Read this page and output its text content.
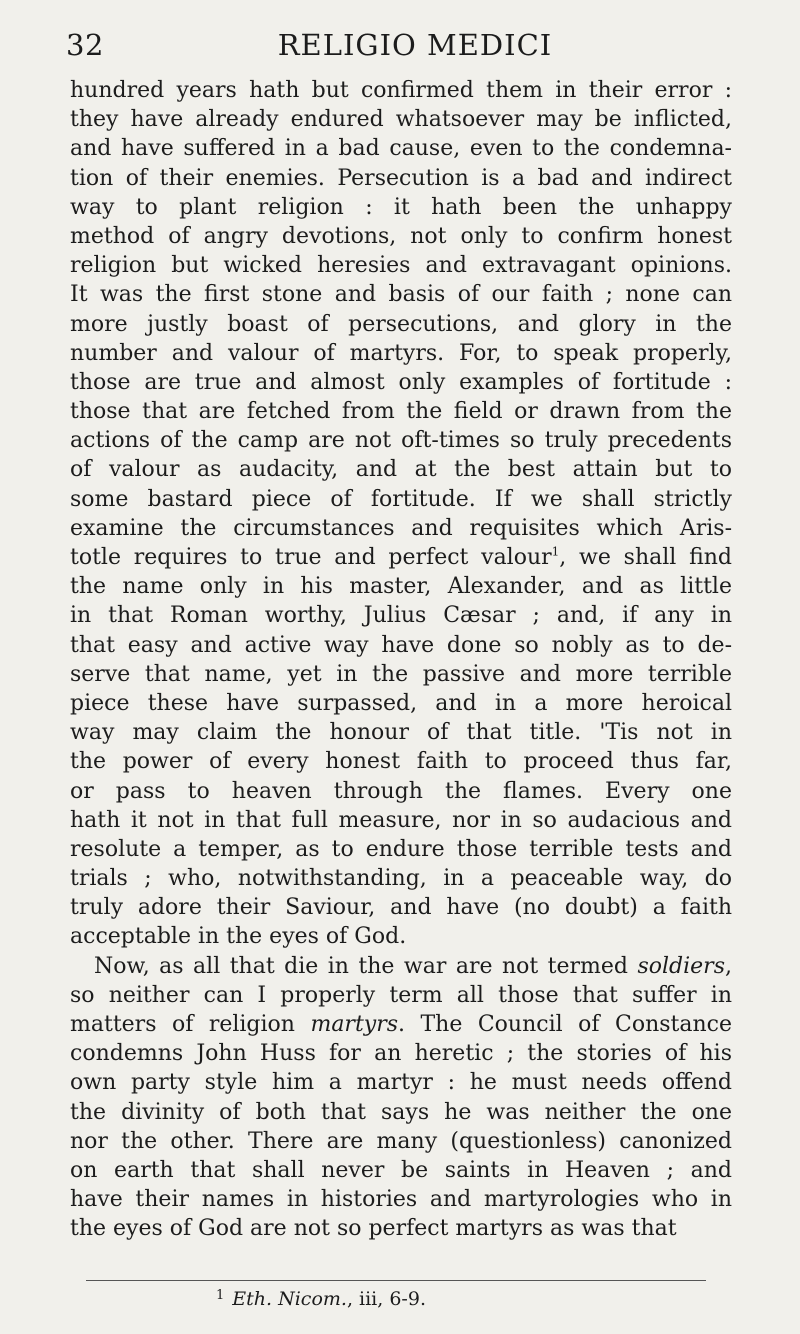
32	RELIGIO MEDICI
hundred years hath but confirmed them in their error :
they have already endured whatsoever may be inflicted,
and have suffered in a bad cause, even to the condemna-
tion of their enemies. Persecution is a bad and indirect
way to plant religion : it hath been the unhappy
method of angry devotions, not only to confirm honest
religion but wicked heresies and extravagant opinions.
It was the first stone and basis of our faith ; none can
more justly boast of persecutions, and glory in the
number and valour of martyrs. For, to speak properly,
those are true and almost only examples of fortitude :
those that are fetched from the field or drawn from the
actions of the camp are not oft-times so truly precedents
of valour as audacity, and at the best attain but to
some bastard piece of fortitude. If we shall strictly
examine the circumstances and requisites which Aris-
totle requires to true and perfect valour$^1$, we shall find
the name only in his master, Alexander, and as little
in that Roman worthy, Julius Cæsar ; and, if any in
that easy and active way have done so nobly as to de-
serve that name, yet in the passive and more terrible
piece these have surpassed, and in a more heroical
way may claim the honour of that title. 'Tis not in
the power of every honest faith to proceed thus far,
or pass to heaven through the flames. Every one
hath it not in that full measure, nor in so audacious and
resolute a temper, as to endure those terrible tests and
trials ; who, notwithstanding, in a peaceable way, do
truly adore their Saviour, and have (no doubt) a faith
acceptable in the eyes of God.
Now, as all that die in the war are not termed soldiers,
so neither can I properly term all those that suffer in
matters of religion martyrs. The Council of Constance
condemns John Huss for an heretic ; the stories of his
own party style him a martyr : he must needs offend
the divinity of both that says he was neither the one
nor the other. There are many (questionless) canonized
on earth that shall never be saints in Heaven ; and
have their names in histories and martyrologies who in
the eyes of God are not so perfect martyrs as was that
$^1$ Eth. Nicom., iii, 6-9.
